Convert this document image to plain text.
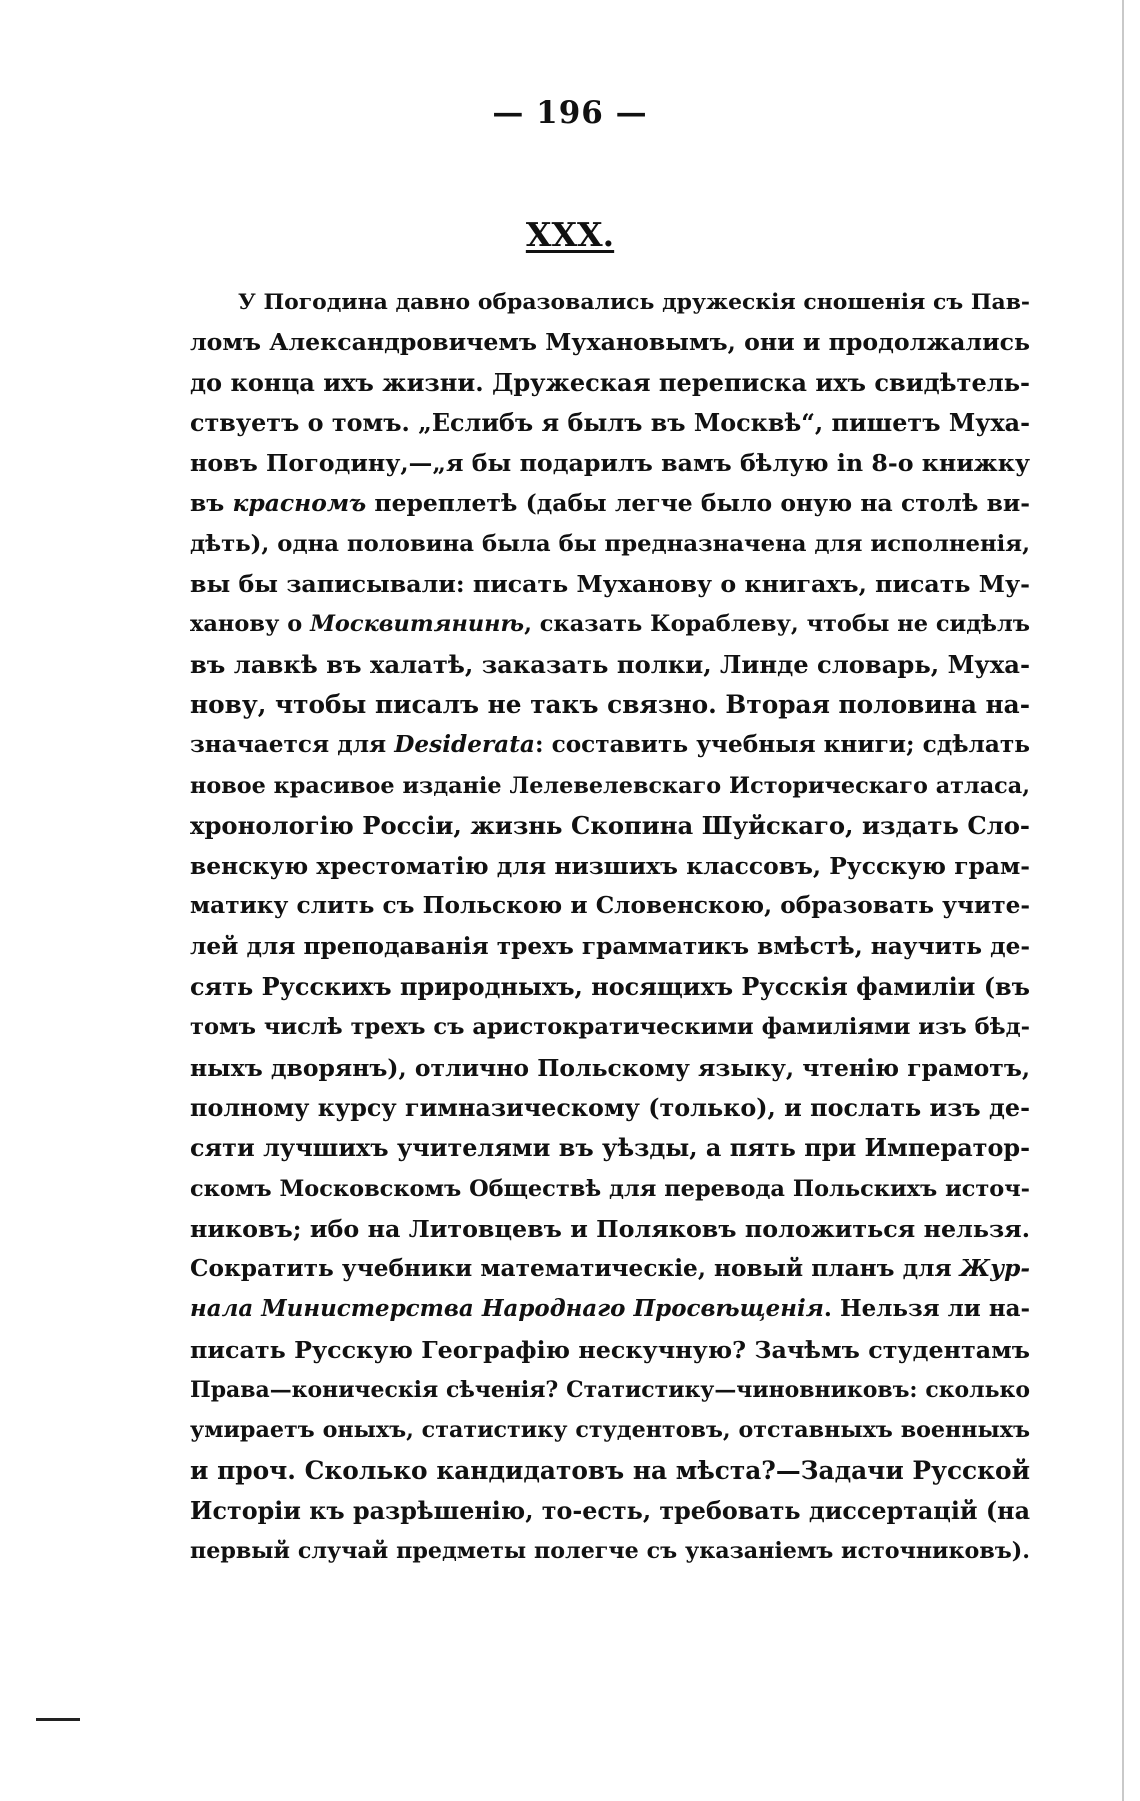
— 196 —
XXX.
У Погодина давно образовались дружескія сношенія съ Пав-
ломъ Александровичемъ Мухановымъ, они и продолжались
до конца ихъ жизни. Дружеская переписка ихъ свидѣтель-
ствуетъ о томъ. „Еслибъ я былъ въ Москвѣ“, пишетъ Муха-
новъ Погодину,—„я бы подарилъ вамъ бѣлую in 8-о книжку
въ красномъ переплетѣ (дабы легче было оную на столѣ ви-
дѣть), одна половина была бы предназначена для исполненія,
вы бы записывали: писать Муханову о книгахъ, писать Му-
ханову о Москвитянинѣ, сказать Кораблеву, чтобы не сидѣлъ
въ лавкѣ въ халатѣ, заказать полки, Линде словарь, Муха-
нову, чтобы писалъ не такъ связно. Вторая половина на-
значается для Desiderata: составить учебныя книги; сдѣлать
новое красивое изданіе Лелевелевскаго Историческаго атласа,
хронологію Россіи, жизнь Скопина Шуйскаго, издать Сло-
венскую хрестоматію для низшихъ классовъ, Русскую грам-
матику слить съ Польскою и Словенскою, образовать учите-
лей для преподаванія трехъ грамматикъ вмѣстѣ, научить де-
сять Русскихъ природныхъ, носящихъ Русскія фамиліи (въ
томъ числѣ трехъ съ аристократическими фамиліями изъ бѣд-
ныхъ дворянъ), отлично Польскому языку, чтенію грамотъ,
полному курсу гимназическому (только), и послать изъ де-
сяти лучшихъ учителями въ уѣзды, а пять при Император-
скомъ Московскомъ Обществѣ для перевода Польскихъ источ-
никовъ; ибо на Литовцевъ и Поляковъ положиться нельзя.
Сократить учебники математическіе, новый планъ для Жур-
нала Министерства Народнаго Просвѣщенія. Нельзя ли на-
писать Русскую Географію нескучную? Зачѣмъ студентамъ
Права—коническія сѣченія? Статистику—чиновниковъ: сколько
умираетъ оныхъ, статистику студентовъ, отставныхъ военныхъ
и проч. Сколько кандидатовъ на мѣста?—Задачи Русской
Исторіи къ разрѣшенію, то-есть, требовать диссертацій (на
первый случай предметы полегче съ указаніемъ источниковъ).
